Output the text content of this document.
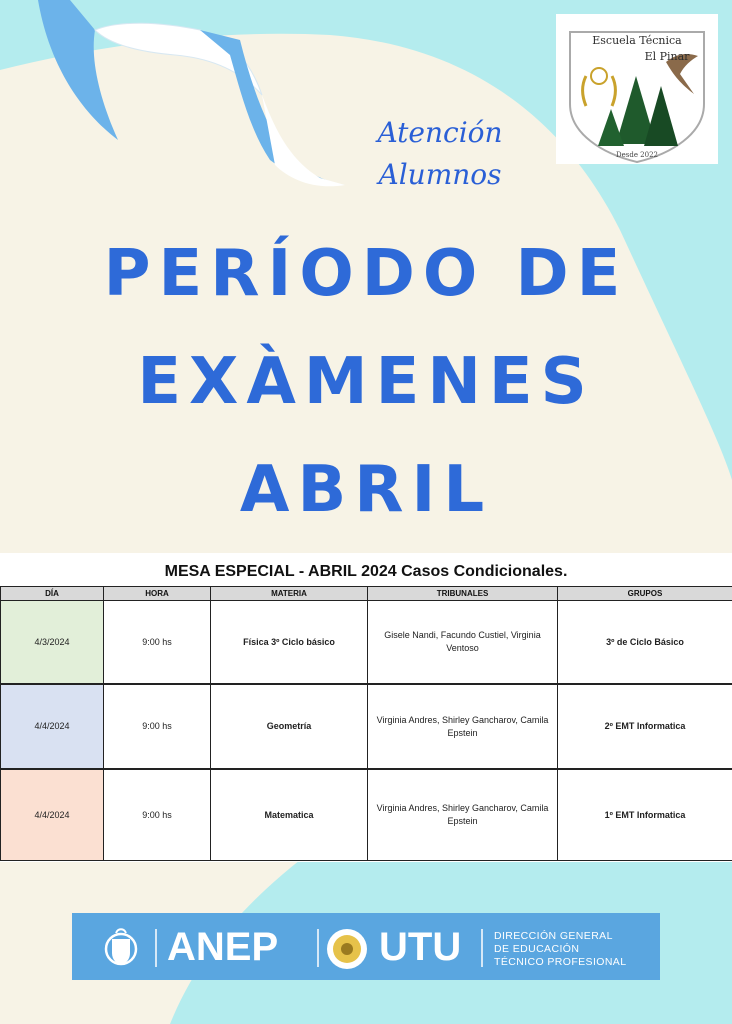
Escuela Técnica
El Pinar
Desde 2022
Atención
Alumnos
PERÍODO DE
EXÀMENES
ABRIL
MESA ESPECIAL - ABRIL 2024 Casos Condicionales.
DÍA	HORA	MATERIA	TRIBUNALES	GRUPOS
4/3/2024	9:00 hs	Física 3º Ciclo básico	Gisele Nandi, Facundo Custiel, Virginia Ventoso	3º de Ciclo Básico
4/4/2024	9:00 hs	Geometría	Virginia Andres, Shirley Gancharov, Camila Epstein	2º EMT Informatica
4/4/2024	9:00 hs	Matematica	Virginia Andres, Shirley Gancharov, Camila Epstein	1º EMT Informatica
ANEP	UTU	DIRECCIÓN GENERAL
DE EDUCACIÓN
TÉCNICO PROFESIONAL
